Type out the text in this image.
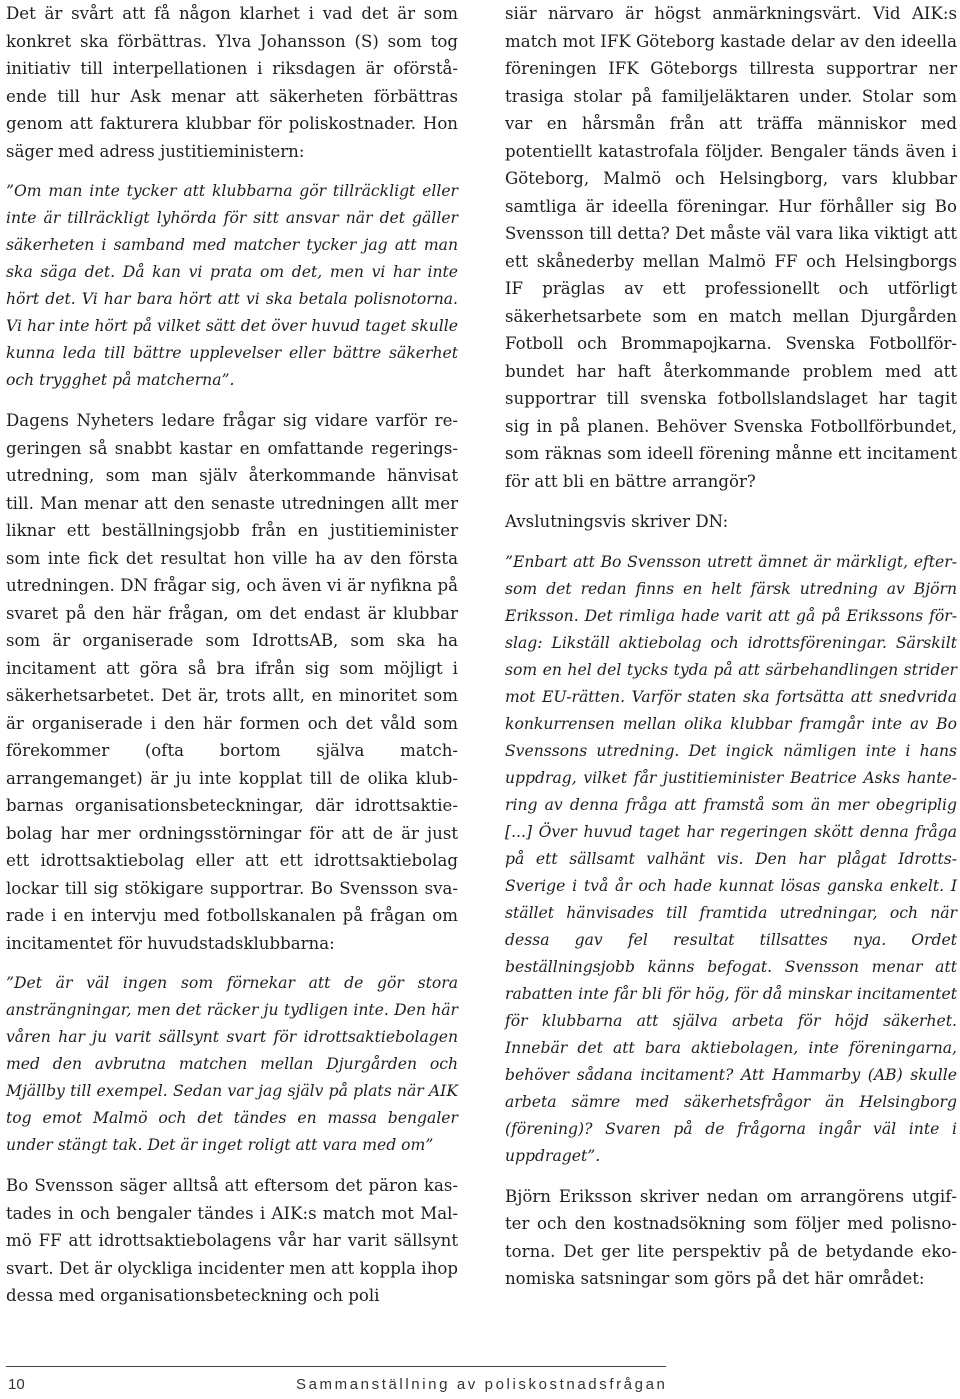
Det är svårt att få någon klarhet i vad det är som konkret ska förbättras. Ylva Johansson (S) som tog initiativ till interpellationen i riksdagen är oförstående till hur Ask menar att säkerheten förbättras genom att fakturera klubbar för poliskostnader. Hon säger med adress justitieministern:

”Om man inte tycker att klubbarna gör tillräckligt eller inte är tillräckligt lyhörda för sitt ansvar när det gäller säkerheten i samband med matcher tycker jag att man ska säga det. Då kan vi prata om det, men vi har inte hört det. Vi har bara hört att vi ska betala polisnotorna. Vi har inte hört på vilket sätt det över huvud taget skulle kunna leda till bättre upplevelser eller bättre säkerhet och trygghet på matcherna”.

Dagens Nyheters ledare frågar sig vidare varför regeringen så snabbt kastar en omfattande regeringsutredning, som man själv återkommande hänvisat till. Man menar att den senaste utredningen allt mer liknar ett beställningsjobb från en justitieminister som inte fick det resultat hon ville ha av den första utredningen. DN frågar sig, och även vi är nyfikna på svaret på den här frågan, om det endast är klubbar som är organiserade som IdrottsAB, som ska ha incitament att göra så bra ifrån sig som möjligt i säkerhetsarbetet. Det är, trots allt, en minoritet som är organiserade i den här formen och det våld som förekommer (ofta bortom själva matcharrangemanget) är ju inte kopplat till de olika klubbarnas organisationsbeteckningar, där idrottsaktiebolag har mer ordningsstörningar för att de är just ett idrottsaktiebolag eller att ett idrottsaktiebolag lockar till sig stökigare supportrar. Bo Svensson svarade i en intervju med fotbollskanalen på frågan om incitamentet för huvudstadsklubbarna:

”Det är väl ingen som förnekar att de gör stora ansträngningar, men det räcker ju tydligen inte. Den här våren har ju varit sällsynt svart för idrottsaktiebolagen med den avbrutna matchen mellan Djurgården och Mjällby till exempel. Sedan var jag själv på plats när AIK tog emot Malmö och det tändes en massa bengaler under stängt tak. Det är inget roligt att vara med om”

Bo Svensson säger alltså att eftersom det päron kastades in och bengaler tändes i AIK:s match mot Malmö FF att idrottsaktiebolagens vår har varit sällsynt svart. Det är olyckliga incidenter men att koppla ihop dessa med organisationsbeteckning och poli

siär närvaro är högst anmärkningsvärt. Vid AIK:s match mot IFK Göteborg kastade delar av den ideella föreningen IFK Göteborgs tillresta supportrar ner trasiga stolar på familjeläktaren under. Stolar som var en hårsmån från att träffa människor med potentiellt katastrofala följder. Bengaler tänds även i Göteborg, Malmö och Helsingborg, vars klubbar samtliga är ideella föreningar. Hur förhåller sig Bo Svensson till detta? Det måste väl vara lika viktigt att ett skånederby mellan Malmö FF och Helsingborgs IF präglas av ett professionellt och utförligt säkerhetsarbete som en match mellan Djurgården Fotboll och Brommapojkarna. Svenska Fotbollförbundet har haft återkommande problem med att supportrar till svenska fotbollslandslaget har tagit sig in på planen. Behöver Svenska Fotbollförbundet, som räknas som ideell förening månne ett incitament för att bli en bättre arrangör?

Avslutningsvis skriver DN:

”Enbart att Bo Svensson utrett ämnet är märkligt, eftersom det redan finns en helt färsk utredning av Björn Eriksson. Det rimliga hade varit att gå på Erikssons förslag: Likställ aktiebolag och idrottsföreningar. Särskilt som en hel del tycks tyda på att särbehandlingen strider mot EU-rätten. Varför staten ska fortsätta att snedvrida konkurrensen mellan olika klubbar framgår inte av Bo Svenssons utredning. Det ingick nämligen inte i hans uppdrag, vilket får justitieminister Beatrice Asks hantering av denna fråga att framstå som än mer obegriplig [...] Över huvud taget har regeringen skött denna fråga på ett sällsamt valhänt vis. Den har plågat Idrotts-Sverige i två år och hade kunnat lösas ganska enkelt. I stället hänvisades till framtida utredningar, och när dessa gav fel resultat tillsattes nya. Ordet beställningsjobb känns befogat. Svensson menar att rabatten inte får bli för hög, för då minskar incitamentet för klubbarna att själva arbeta för höjd säkerhet. Innebär det att bara aktiebolagen, inte föreningarna, behöver sådana incitament? Att Hammarby (AB) skulle arbeta sämre med säkerhetsfrågor än Helsingborg (förening)? Svaren på de frågorna ingår väl inte i uppdraget”.

Björn Eriksson skriver nedan om arrangörens utgifter och den kostnadsökning som följer med polisnotorna. Det ger lite perspektiv på de betydande ekonomiska satsningar som görs på det här området:

10	Sammanställning av poliskostnadsfrågan
